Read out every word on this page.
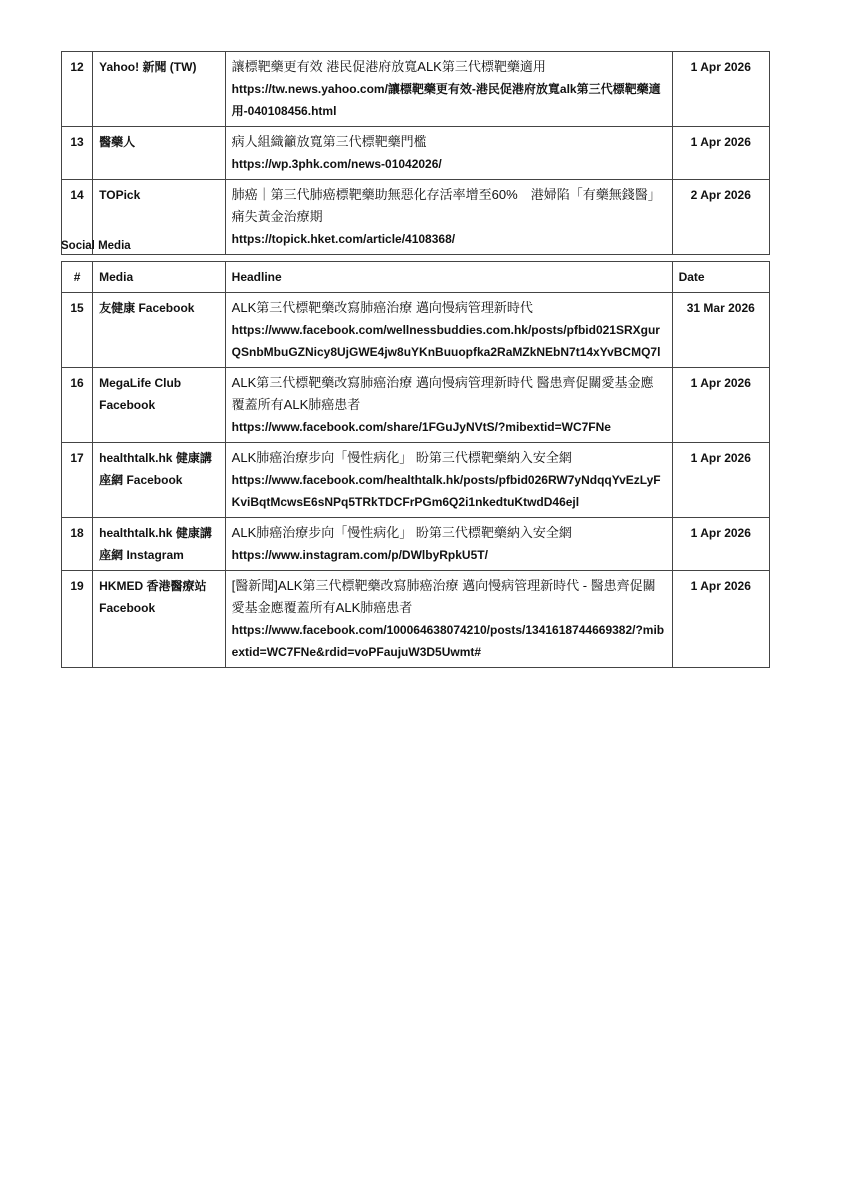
12	Yahoo! 新聞 (TW)	讓標靶藥更有效 港民促港府放寬ALK第三代標靶藥適用
https://tw.news.yahoo.com/讓標靶藥更有效-港民促港府放寬alk第三代標靶藥適用-040108456.html	1 Apr 2026
13	醫藥人	病人組織籲放寬第三代標靶藥門檻
https://wp.3phk.com/news-01042026/	1 Apr 2026
14	TOPick	肺癌｜第三代肺癌標靶藥助無惡化存活率增至60%　港婦陷「有藥無錢醫」痛失黃金治療期
https://topick.hket.com/article/4108368/	2 Apr 2026
Social Media
#	Media	Headline	Date
15	友健康 Facebook	ALK第三代標靶藥改寫肺癌治療 邁向慢病管理新時代
https://www.facebook.com/wellnessbuddies.com.hk/posts/pfbid021SRXgurQSnbMbuGZNicy8UjGWE4jw8uYKnBuuopfka2RaMZkNEbN7t14xYvBCMQ7l	31 Mar 2026
16	MegaLife Club Facebook	ALK第三代標靶藥改寫肺癌治療 邁向慢病管理新時代 醫患齊促關愛基金應覆蓋所有ALK肺癌患者
https://www.facebook.com/share/1FGuJyNVtS/?mibextid=WC7FNe	1 Apr 2026
17	healthtalk.hk 健康講座網 Facebook	ALK肺癌治療步向「慢性病化」 盼第三代標靶藥納入安全網
https://www.facebook.com/healthtalk.hk/posts/pfbid026RW7yNdqqYvEzLyFKviBqtMcwsE6sNPq5TRkTDCFrPGm6Q2i1nkedtuKtwdD46ejl	1 Apr 2026
18	healthtalk.hk 健康講座網 Instagram	ALK肺癌治療步向「慢性病化」 盼第三代標靶藥納入安全網
https://www.instagram.com/p/DWlbyRpkU5T/	1 Apr 2026
19	HKMED 香港醫療站 Facebook	[醫新聞]ALK第三代標靶藥改寫肺癌治療 邁向慢病管理新時代 - 醫患齊促關愛基金應覆蓋所有ALK肺癌患者
https://www.facebook.com/100064638074210/posts/1341618744669382/?mibextid=WC7FNe&rdid=voPFaujuW3D5Uwmt#	1 Apr 2026
